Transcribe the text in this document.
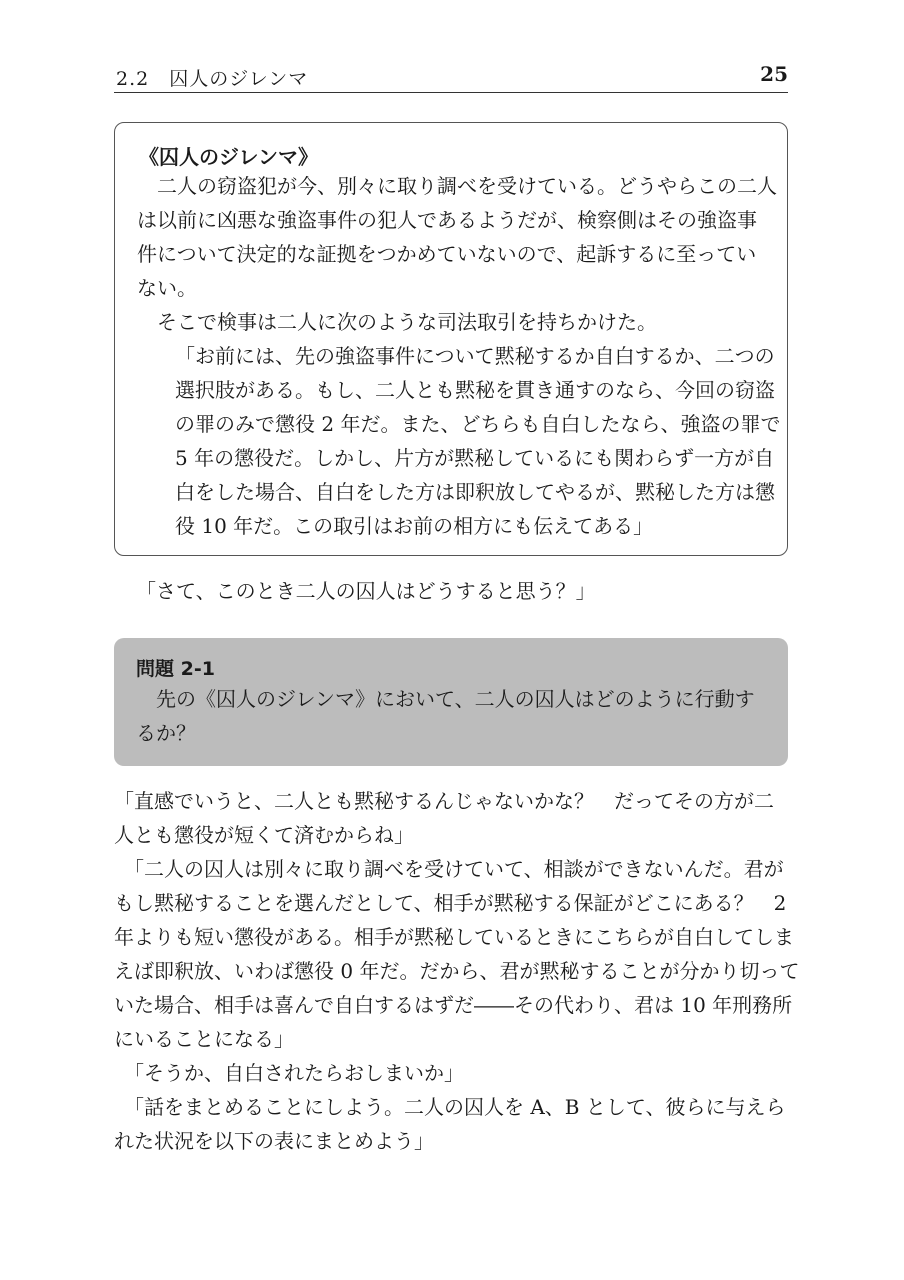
2.2　囚人のジレンマ	25
《囚人のジレンマ》
　二人の窃盗犯が今、別々に取り調べを受けている。どうやらこの二人
は以前に凶悪な強盗事件の犯人であるようだが、検察側はその強盗事
件について決定的な証拠をつかめていないので、起訴するに至ってい
ない。
　そこで検事は二人に次のような司法取引を持ちかけた。
「お前には、先の強盗事件について黙秘するか自白するか、二つの
選択肢がある。もし、二人とも黙秘を貫き通すのなら、今回の窃盗
の罪のみで懲役 2 年だ。また、どちらも自白したなら、強盗の罪で
5 年の懲役だ。しかし、片方が黙秘しているにも関わらず一方が自
白をした場合、自白をした方は即釈放してやるが、黙秘した方は懲
役 10 年だ。この取引はお前の相方にも伝えてある」
「さて、このとき二人の囚人はどうすると思う？」
問題 2-1
　先の《囚人のジレンマ》において、二人の囚人はどのように行動す
るか？
「直感でいうと、二人とも黙秘するんじゃないかな？　だってその方が二
人とも懲役が短くて済むからね」
　「二人の囚人は別々に取り調べを受けていて、相談ができないんだ。君が
もし黙秘することを選んだとして、相手が黙秘する保証がどこにある？　2
年よりも短い懲役がある。相手が黙秘しているときにこちらが自白してしま
えば即釈放、いわば懲役 0 年だ。だから、君が黙秘することが分かり切って
いた場合、相手は喜んで自白するはずだ――その代わり、君は 10 年刑務所
にいることになる」
　「そうか、自白されたらおしまいか」
　「話をまとめることにしよう。二人の囚人を A、B として、彼らに与えら
れた状況を以下の表にまとめよう」
